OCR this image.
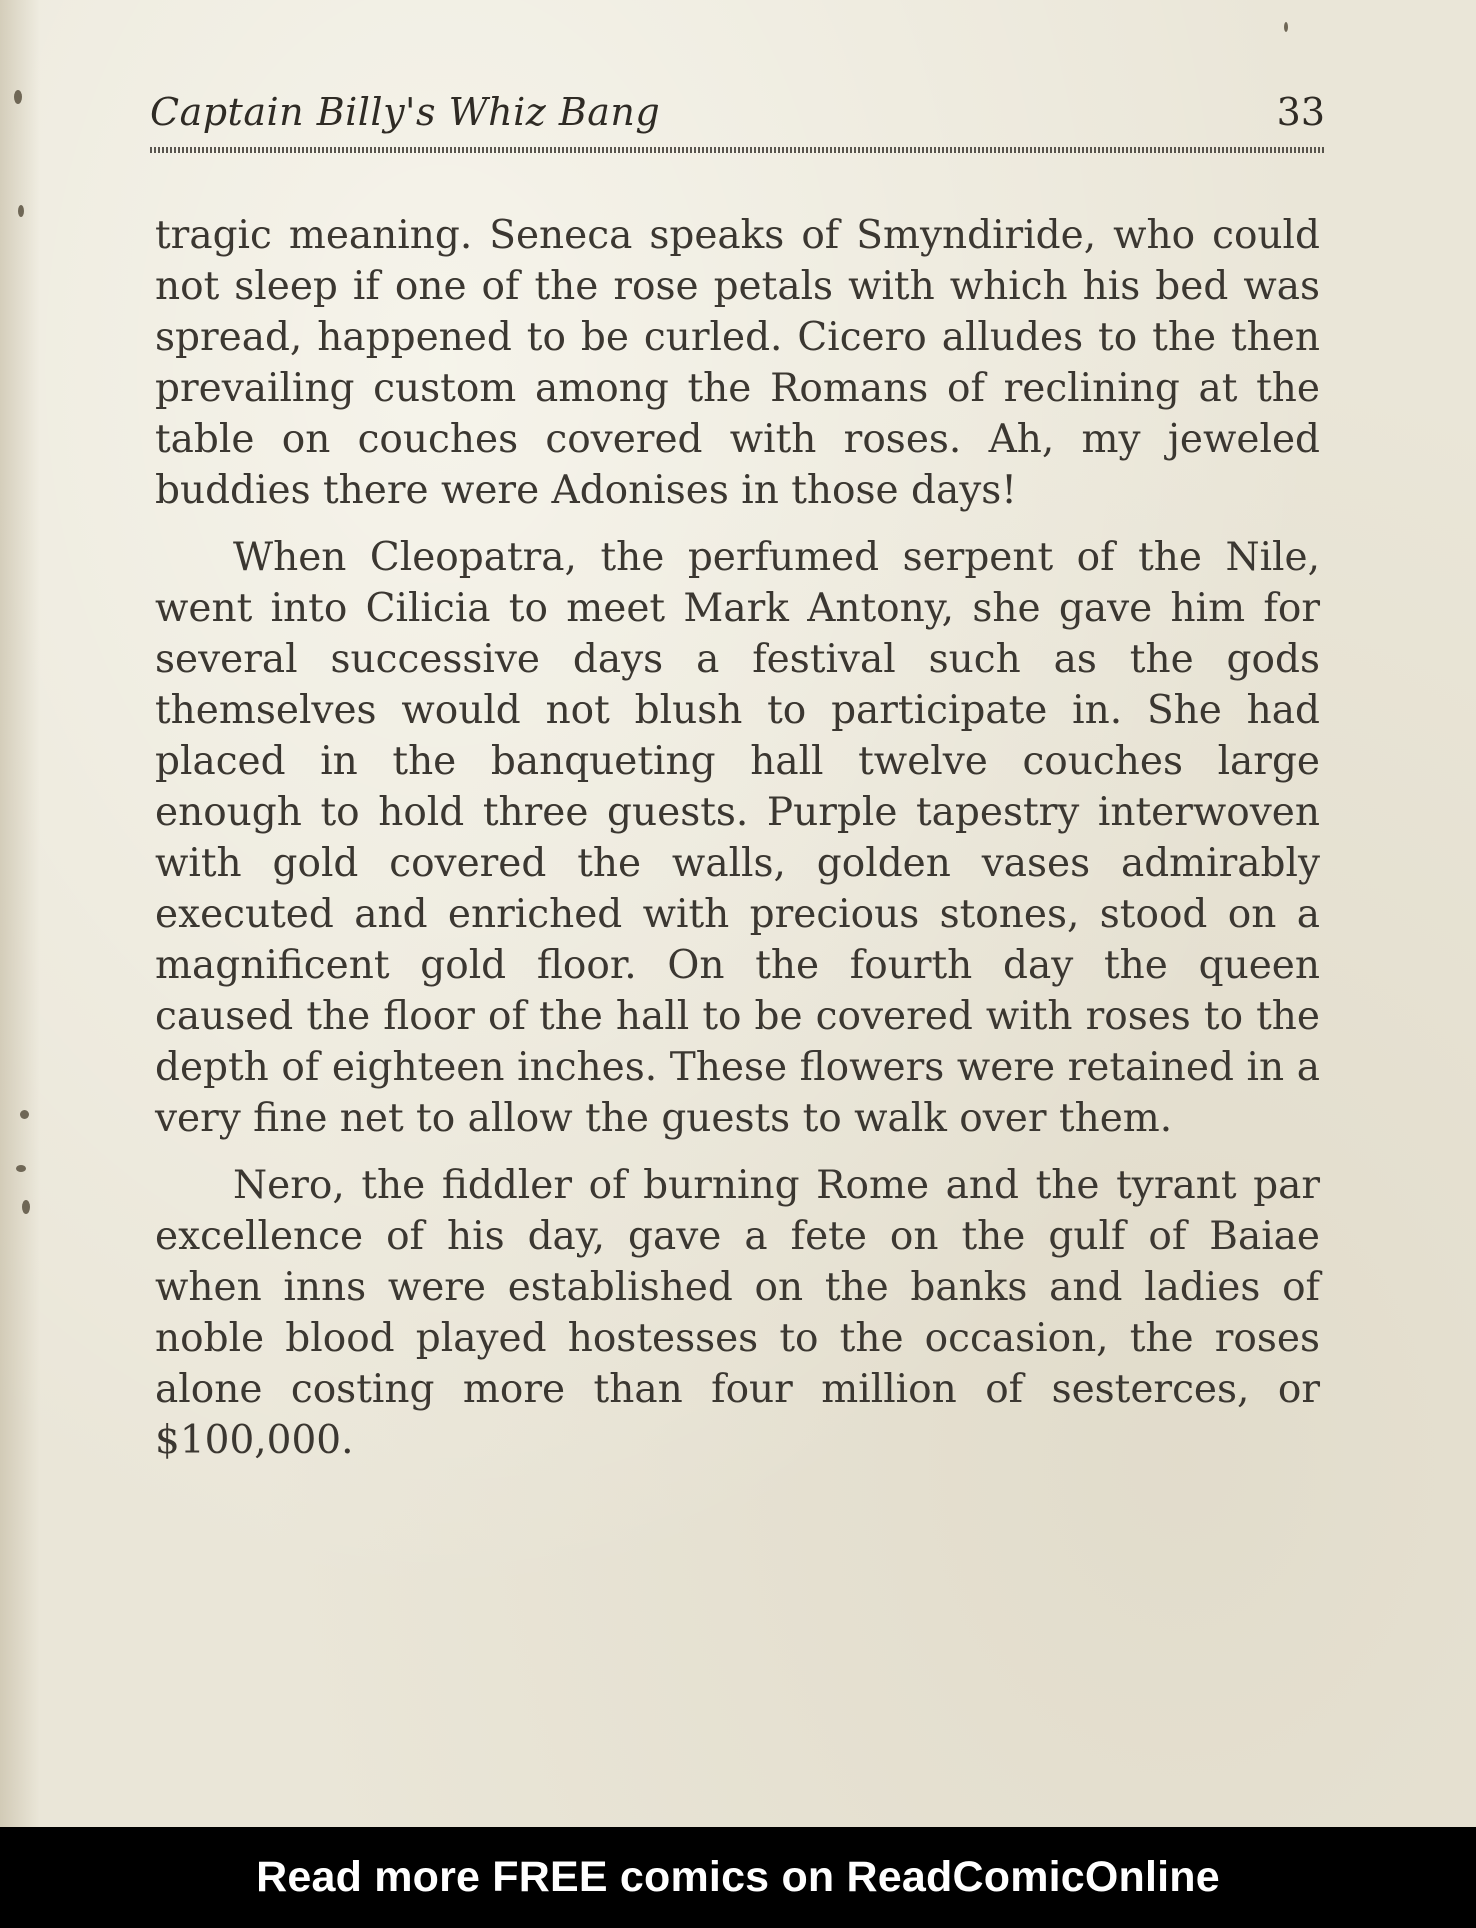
Captain Billy's Whiz Bang	33

tragic meaning. Seneca speaks of Smyndiride, who could not sleep if one of the rose petals with which his bed was spread, happened to be curled. Cicero alludes to the then prevailing custom among the Romans of reclining at the table on couches covered with roses. Ah, my jeweled buddies there were Adonises in those days!

When Cleopatra, the perfumed serpent of the Nile, went into Cilicia to meet Mark Antony, she gave him for several successive days a festival such as the gods themselves would not blush to participate in. She had placed in the banqueting hall twelve couches large enough to hold three guests. Purple tapestry interwoven with gold covered the walls, golden vases admirably executed and enriched with precious stones, stood on a magnificent gold floor. On the fourth day the queen caused the floor of the hall to be covered with roses to the depth of eighteen inches. These flowers were retained in a very fine net to allow the guests to walk over them.

Nero, the fiddler of burning Rome and the tyrant par excellence of his day, gave a fete on the gulf of Baiae when inns were established on the banks and ladies of noble blood played hostesses to the occasion, the roses alone costing more than four million of sesterces, or $100,000.

Read more FREE comics on ReadComicOnline
